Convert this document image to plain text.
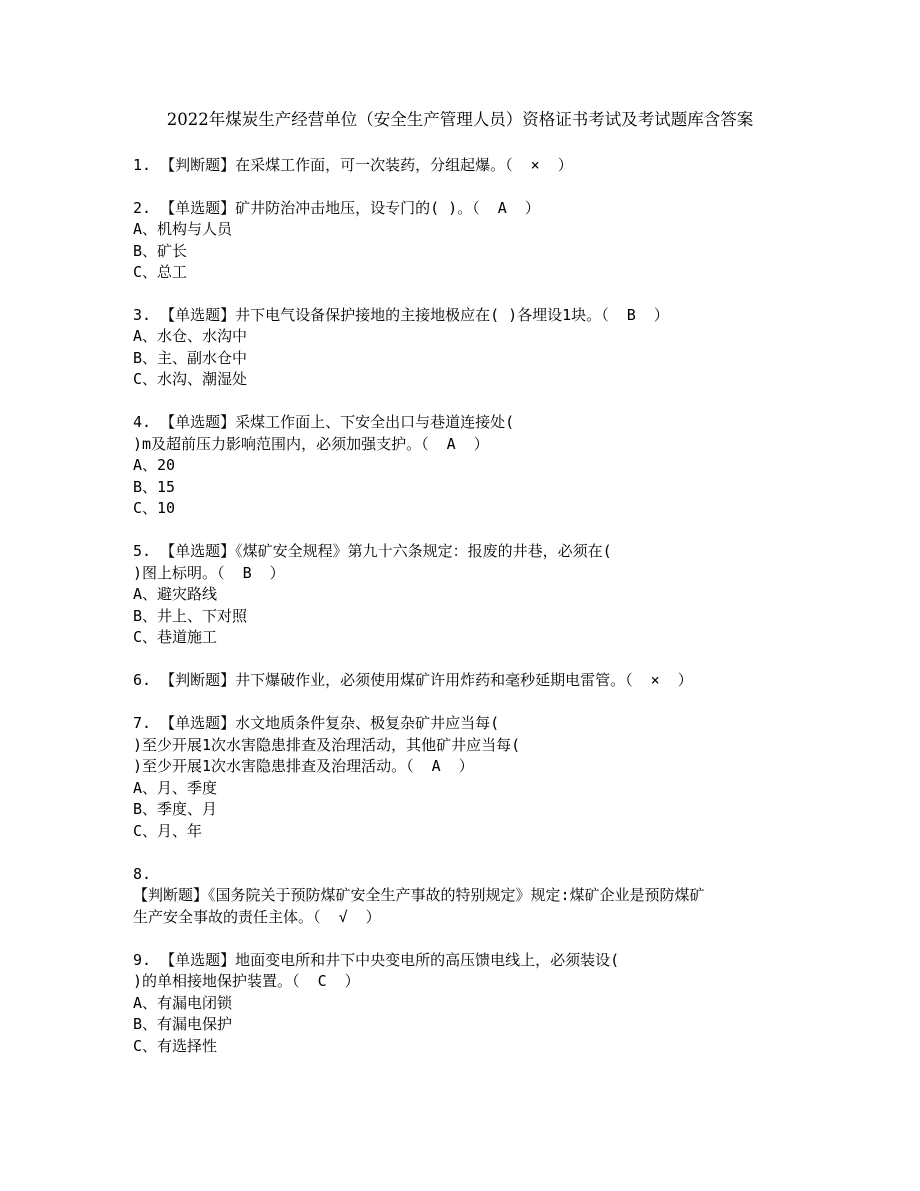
2022年煤炭生产经营单位（安全生产管理人员）资格证书考试及考试题库含答案
1. 【判断题】在采煤工作面，可一次装药，分组起爆。（  ×  ）
2. 【单选题】矿井防治冲击地压，设专门的( )。（  A  ）
A、机构与人员
B、矿长
C、总工
3. 【单选题】井下电气设备保护接地的主接地极应在( )各埋设1块。（  B  ）
A、水仓、水沟中
B、主、副水仓中
C、水沟、潮湿处
4. 【单选题】采煤工作面上、下安全出口与巷道连接处(
)m及超前压力影响范围内，必须加强支护。（  A  ）
A、20
B、15
C、10
5. 【单选题】《煤矿安全规程》第九十六条规定：报废的井巷，必须在(
)图上标明。（  B  ）
A、避灾路线
B、井上、下对照
C、巷道施工
6. 【判断题】井下爆破作业，必须使用煤矿许用炸药和毫秒延期电雷管。（  ×  ）
7. 【单选题】水文地质条件复杂、极复杂矿井应当每(
)至少开展1次水害隐患排查及治理活动，其他矿井应当每(
)至少开展1次水害隐患排查及治理活动。（  A  ）
A、月、季度
B、季度、月
C、月、年
8.
【判断题】《国务院关于预防煤矿安全生产事故的特别规定》规定:煤矿企业是预防煤矿
生产安全事故的责任主体。（  √  ）
9. 【单选题】地面变电所和井下中央变电所的高压馈电线上，必须装设(
)的单相接地保护装置。（  C  ）
A、有漏电闭锁
B、有漏电保护
C、有选择性
